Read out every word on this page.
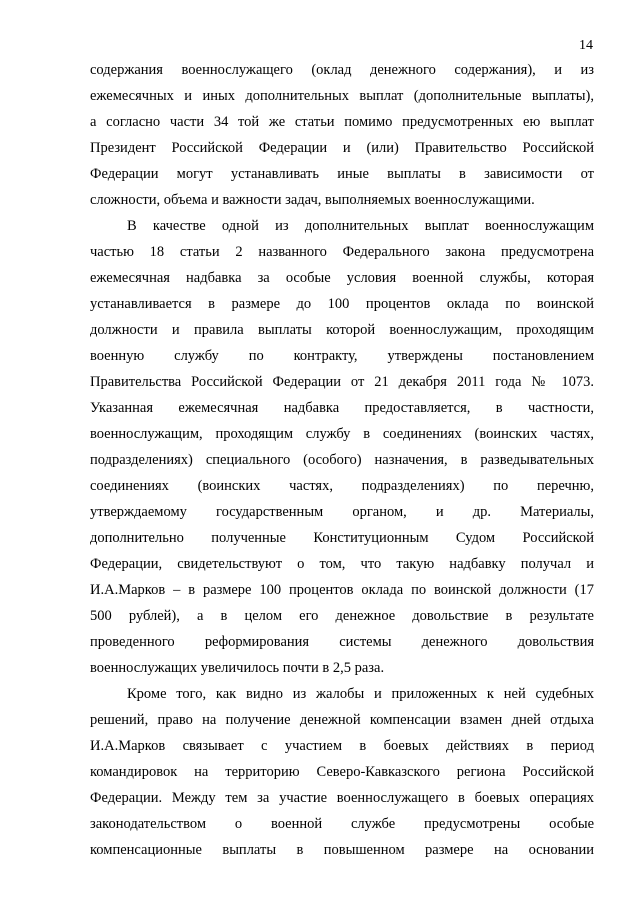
14
содержания военнослужащего (оклад денежного содержания), и из
ежемесячных и иных дополнительных выплат (дополнительные выплаты),
а согласно части 34 той же статьи помимо предусмотренных ею выплат
Президент Российской Федерации и (или) Правительство Российской
Федерации могут устанавливать иные выплаты в зависимости от
сложности, объема и важности задач, выполняемых военнослужащими.
В качестве одной из дополнительных выплат военнослужащим
частью 18 статьи 2 названного Федерального закона предусмотрена
ежемесячная надбавка за особые условия военной службы, которая
устанавливается в размере до 100 процентов оклада по воинской
должности и правила выплаты которой военнослужащим, проходящим
военную службу по контракту, утверждены постановлением
Правительства Российской Федерации от 21 декабря 2011 года № 1073.
Указанная ежемесячная надбавка предоставляется, в частности,
военнослужащим, проходящим службу в соединениях (воинских частях,
подразделениях) специального (особого) назначения, в разведывательных
соединениях (воинских частях, подразделениях) по перечню,
утверждаемому государственным органом, и др. Материалы,
дополнительно полученные Конституционным Судом Российской
Федерации, свидетельствуют о том, что такую надбавку получал и
И.А.Марков – в размере 100 процентов оклада по воинской должности (17
500 рублей), а в целом его денежное довольствие в результате
проведенного реформирования системы денежного довольствия
военнослужащих увеличилось почти в 2,5 раза.
Кроме того, как видно из жалобы и приложенных к ней судебных
решений, право на получение денежной компенсации взамен дней отдыха
И.А.Марков связывает с участием в боевых действиях в период
командировок на территорию Северо-Кавказского региона Российской
Федерации. Между тем за участие военнослужащего в боевых операциях
законодательством о военной службе предусмотрены особые
компенсационные выплаты в повышенном размере на основании
